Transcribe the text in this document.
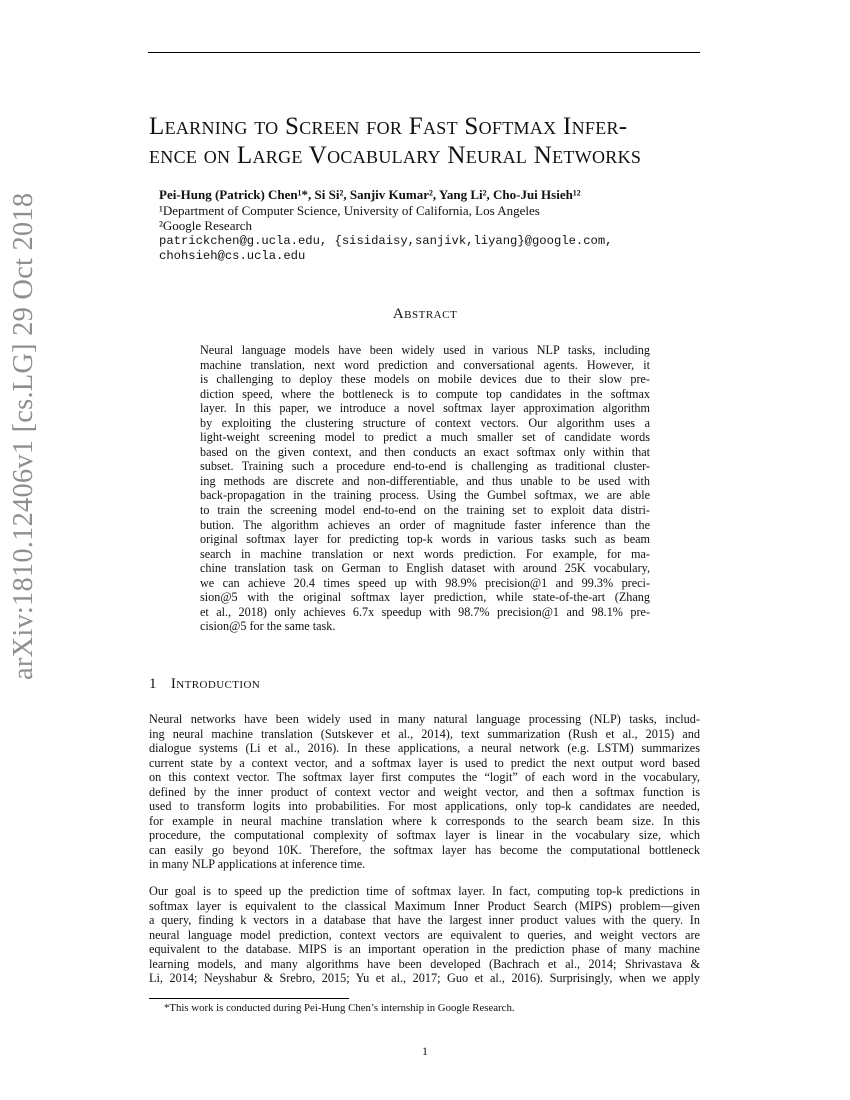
arXiv:1810.12406v1 [cs.LG] 29 Oct 2018
Learning to Screen for Fast Softmax Infer-
ence on Large Vocabulary Neural Networks
Pei-Hung (Patrick) Chen¹*, Si Si², Sanjiv Kumar², Yang Li², Cho-Jui Hsieh¹²
¹Department of Computer Science, University of California, Los Angeles
²Google Research
patrickchen@g.ucla.edu, {sisidaisy,sanjivk,liyang}@google.com,
chohsieh@cs.ucla.edu
Abstract
Neural language models have been widely used in various NLP tasks, including
machine translation, next word prediction and conversational agents. However, it
is challenging to deploy these models on mobile devices due to their slow pre-
diction speed, where the bottleneck is to compute top candidates in the softmax
layer. In this paper, we introduce a novel softmax layer approximation algorithm
by exploiting the clustering structure of context vectors. Our algorithm uses a
light-weight screening model to predict a much smaller set of candidate words
based on the given context, and then conducts an exact softmax only within that
subset. Training such a procedure end-to-end is challenging as traditional cluster-
ing methods are discrete and non-differentiable, and thus unable to be used with
back-propagation in the training process. Using the Gumbel softmax, we are able
to train the screening model end-to-end on the training set to exploit data distri-
bution. The algorithm achieves an order of magnitude faster inference than the
original softmax layer for predicting top-k words in various tasks such as beam
search in machine translation or next words prediction. For example, for ma-
chine translation task on German to English dataset with around 25K vocabulary,
we can achieve 20.4 times speed up with 98.9% precision@1 and 99.3% preci-
sion@5 with the original softmax layer prediction, while state-of-the-art (Zhang
et al., 2018) only achieves 6.7x speedup with 98.7% precision@1 and 98.1% pre-
cision@5 for the same task.
1 Introduction
Neural networks have been widely used in many natural language processing (NLP) tasks, includ-
ing neural machine translation (Sutskever et al., 2014), text summarization (Rush et al., 2015) and
dialogue systems (Li et al., 2016). In these applications, a neural network (e.g. LSTM) summarizes
current state by a context vector, and a softmax layer is used to predict the next output word based
on this context vector. The softmax layer first computes the “logit” of each word in the vocabulary,
defined by the inner product of context vector and weight vector, and then a softmax function is
used to transform logits into probabilities. For most applications, only top-k candidates are needed,
for example in neural machine translation where k corresponds to the search beam size. In this
procedure, the computational complexity of softmax layer is linear in the vocabulary size, which
can easily go beyond 10K. Therefore, the softmax layer has become the computational bottleneck
in many NLP applications at inference time.
Our goal is to speed up the prediction time of softmax layer. In fact, computing top-k predictions in
softmax layer is equivalent to the classical Maximum Inner Product Search (MIPS) problem—given
a query, finding k vectors in a database that have the largest inner product values with the query. In
neural language model prediction, context vectors are equivalent to queries, and weight vectors are
equivalent to the database. MIPS is an important operation in the prediction phase of many machine
learning models, and many algorithms have been developed (Bachrach et al., 2014; Shrivastava &
Li, 2014; Neyshabur & Srebro, 2015; Yu et al., 2017; Guo et al., 2016). Surprisingly, when we apply
*This work is conducted during Pei-Hung Chen’s internship in Google Research.
1
